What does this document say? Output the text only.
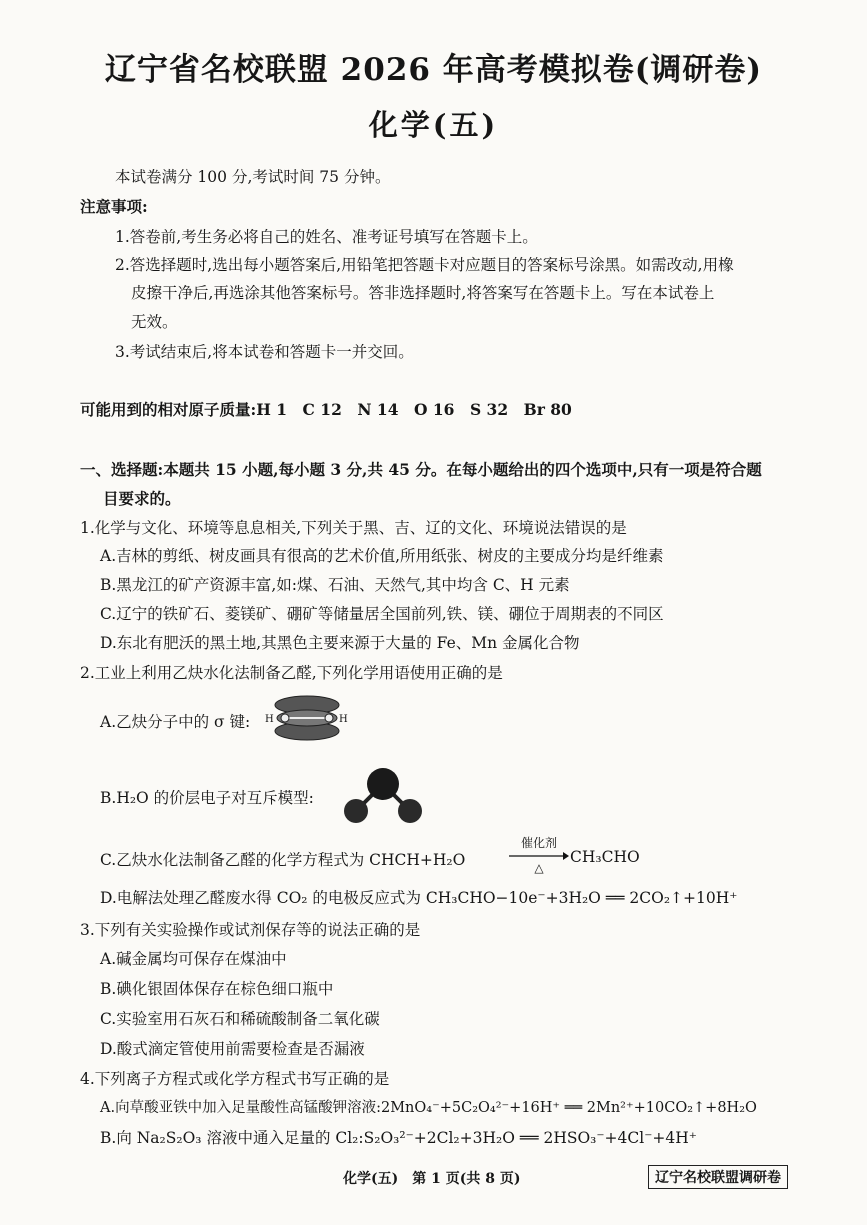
辽宁省名校联盟 2026 年高考模拟卷(调研卷)
化学(五)
本试卷满分 100 分,考试时间 75 分钟。
注意事项:
1.答卷前,考生务必将自己的姓名、准考证号填写在答题卡上。
2.答选择题时,选出每小题答案后,用铅笔把答题卡对应题目的答案标号涂黑。如需改动,用橡
皮擦干净后,再选涂其他答案标号。答非选择题时,将答案写在答题卡上。写在本试卷上
无效。
3.考试结束后,将本试卷和答题卡一并交回。
可能用到的相对原子质量:H 1　C 12　N 14　O 16　S 32　Br 80
一、选择题:本题共 15 小题,每小题 3 分,共 45 分。在每小题给出的四个选项中,只有一项是符合题
目要求的。
1.化学与文化、环境等息息相关,下列关于黑、吉、辽的文化、环境说法错误的是
A.吉林的剪纸、树皮画具有很高的艺术价值,所用纸张、树皮的主要成分均是纤维素
B.黑龙江的矿产资源丰富,如:煤、石油、天然气,其中均含 C、H 元素
C.辽宁的铁矿石、菱镁矿、硼矿等储量居全国前列,铁、镁、硼位于周期表的不同区
D.东北有肥沃的黑土地,其黑色主要来源于大量的 Fe、Mn 金属化合物
2.工业上利用乙炔水化法制备乙醛,下列化学用语使用正确的是
A.乙炔分子中的 σ 键: H	H
B.H₂O 的价层电子对互斥模型:
C.乙炔水化法制备乙醛的化学方程式为 CHCH+H₂O
催化剂
△
CH₃CHO
D.电解法处理乙醛废水得 CO₂ 的电极反应式为 CH₃CHO−10e⁻+3H₂O ══ 2CO₂↑+10H⁺
3.下列有关实验操作或试剂保存等的说法正确的是
A.碱金属均可保存在煤油中
B.碘化银固体保存在棕色细口瓶中
C.实验室用石灰石和稀硫酸制备二氧化碳
D.酸式滴定管使用前需要检查是否漏液
4.下列离子方程式或化学方程式书写正确的是
A.向草酸亚铁中加入足量酸性高锰酸钾溶液:2MnO₄⁻+5C₂O₄²⁻+16H⁺ ══ 2Mn²⁺+10CO₂↑+8H₂O
B.向 Na₂S₂O₃ 溶液中通入足量的 Cl₂:S₂O₃²⁻+2Cl₂+3H₂O ══ 2HSO₃⁻+4Cl⁻+4H⁺
化学(五)　第 1 页(共 8 页)	辽宁名校联盟调研卷
